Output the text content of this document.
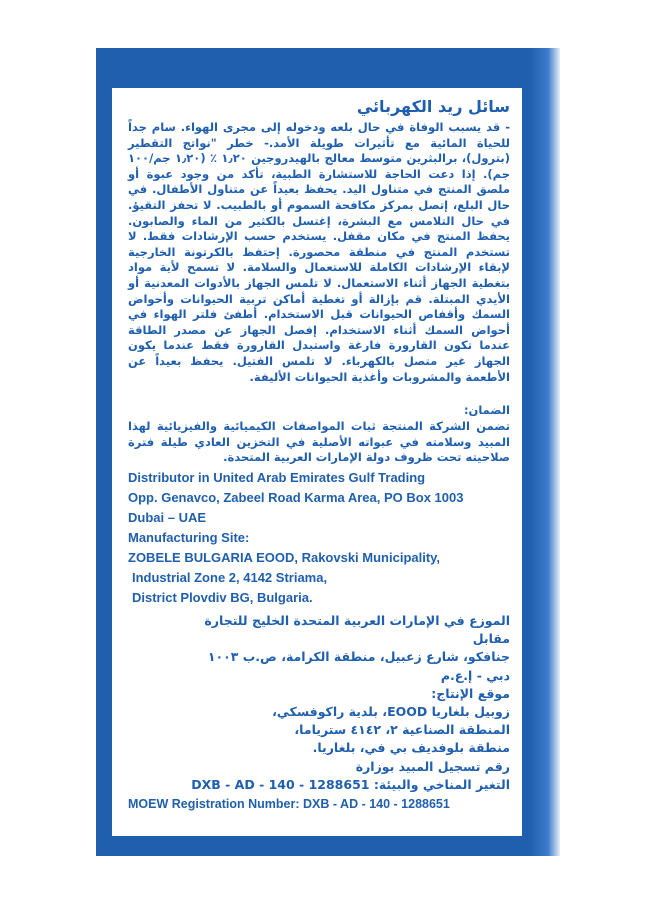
سائل ريد الكهربائي
- قد يسبب الوفاة في حال بلعه ودخوله إلى مجرى الهواء. سام جداً للحياة المائية مع تأثيرات طويلة الأمد.- خطر "نواتج التقطير (بترول)، برالبثرين متوسط معالج بالهيدروجين ١٫٢٠ ٪ (١٫٢٠ جم/١٠٠ جم). إذا دعت الحاجة للاستشارة الطبية، تأكد من وجود عبوة أو ملصق المنتج في متناول اليد. يحفظ بعيداً عن متناول الأطفال. في حال البلع، إتصل بمركز مكافحة السموم أو بالطبيب. لا تحفز التقيؤ. في حال التلامس مع البشرة، إغتسل بالكثير من الماء والصابون. يحفظ المنتج في مكان مقفل. يستخدم حسب الإرشادات فقط. لا تستخدم المنتج في منطقة محصورة. إحتفظ بالكرتونة الخارجية لإبقاء الإرشادات الكاملة للاستعمال والسلامة. لا تسمح لأية مواد بتغطية الجهاز أثناء الاستعمال. لا تلمس الجهاز بالأدوات المعدنية أو الأيدي المبتلة. قم بإزالة أو تغطية أماكن تربية الحيوانات وأحواض السمك وأقفاص الحيوانات قبل الاستخدام. أطفئ فلتر الهواء في أحواض السمك أثناء الاستخدام. إفصل الجهاز عن مصدر الطاقة عندما تكون القارورة فارغة واستبدل القارورة فقط عندما يكون الجهاز غير متصل بالكهرباء. لا تلمس الفتيل. يحفظ بعيداً عن الأطعمة والمشروبات وأغذية الحيوانات الأليفة.
الضمان:
تضمن الشركة المنتجة ثبات المواصفات الكيميائية والفيزيائية لهذا المبيد وسلامته في عبواته الأصلية في التخزين العادي طيلة فترة صلاحيته تحت ظروف دولة الإمارات العربية المتحدة.
Distributor in United Arab Emirates Gulf Trading
Opp. Genavco, Zabeel Road Karma Area, PO Box 1003
Dubai – UAE
Manufacturing Site:
ZOBELE BULGARIA EOOD, Rakovski Municipality,
Industrial Zone 2, 4142 Striama,
District Plovdiv BG, Bulgaria.
الموزع في الإمارات العربية المتحدة الخليج للتجارة
مقابل
جنافكو، شارع زعبيل، منطقة الكرامة، ص.ب ١٠٠٣
دبي - إ.ع.م
موقع الإنتاج:
زوبيل بلغاريا EOOD، بلدية راكوفسكي،
المنطقة الصناعية ٢، ٤١٤٢ سترياما،
منطقة بلوفديف بي في، بلغاريا.
رقم تسجيل المبيد بوزارة
التغير المناخي والبيئة: DXB - AD - 140 - 1288651
MOEW Registration Number: DXB - AD - 140 - 1288651
